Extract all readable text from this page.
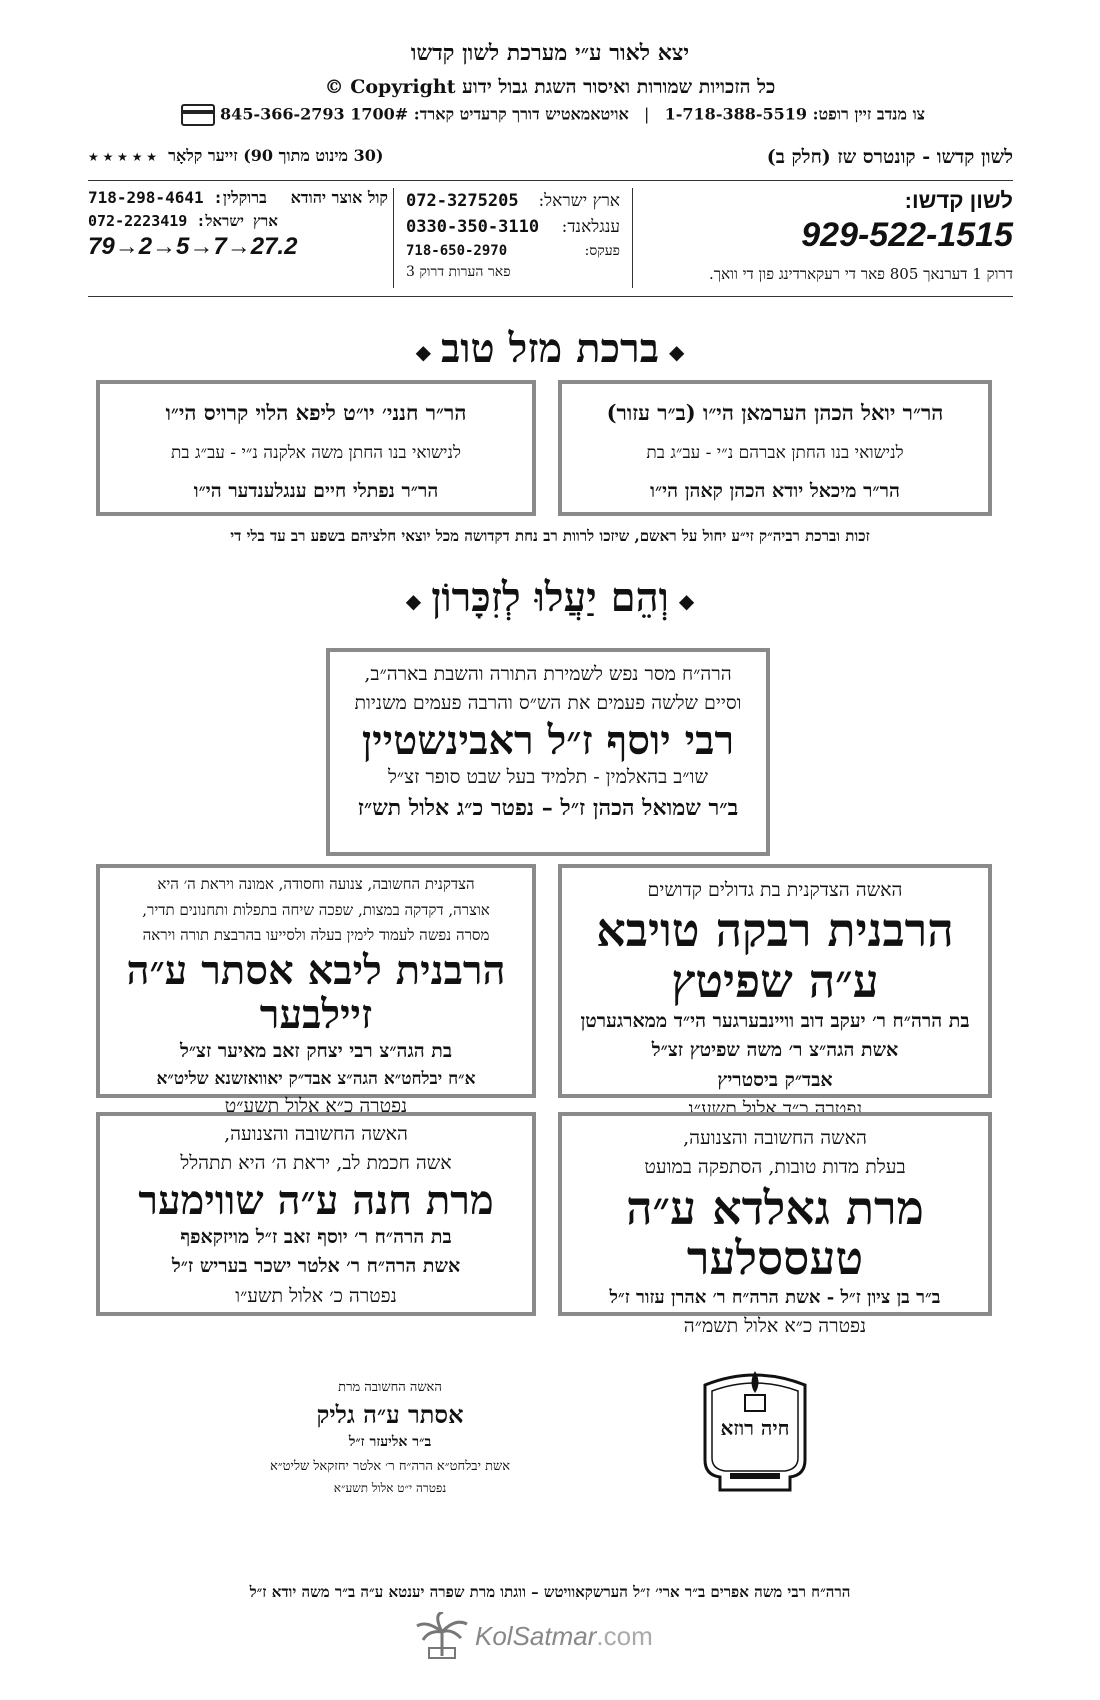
יצא לאור ע״י מערכת לשון קדשו
כל הזכויות שמורות ואיסור השגת גבול ידוע Copyright ©
צו מנדב זיין רופט: 1-718-388-5519   |   אויטאמאטיש דורך קרעדיט קארד: 1700# 845-366-2793
לשון קדשו - קונטרס שז (חלק ב)
(30 מינוט מתוך 90) זייער קלאָר ★ ★ ★ ★ ★
לשון קדשו:
929-522-1515
דרוק 1 דערנאך 805 פאר די רעקארדינג פון די וואך.
ארץ ישראל:
072-3275205
ענגלאנד:
0330-350-3110
פעקס:
718-650-2970
פאר הערות דרוק 3
קול אוצר יהודא
ברוקלין: 718-298-4641
ארץ ישראל: 072-2223419
79→2→5→7→27.2
◆ברכת מזל טוב◆

הר״ר יואל הכהן הערמאן הי״ו (ב״ר עזור)

לנישואי בנו החתן אברהם נ״י - עב״ג בת

הר״ר מיכאל יודא הכהן קאהן הי״ו

הר״ר חנני׳ יו״ט ליפא הלוי קרויס הי״ו

לנישואי בנו החתן משה אלקנה נ״י - עב״ג בת

הר״ר נפתלי חיים ענגלענדער הי״ו

זכות וברכת רביה״ק זי״ע יחול על ראשם, שיזכו לרוות רב נחת דקדושה מכל יוצאי חלציהם בשפע רב עד בלי די
◆וְהֵם יַעֲלוּ לְזִכָּרוֹן◆

הרה״ח מסר נפש לשמירת התורה והשבת בארה״ב,

וסיים שלשה פעמים את הש״ס והרבה פעמים משניות

רבי יוסף ז״ל ראבינשטיין

שו״ב בהאלמין - תלמיד בעל שבט סופר זצ״ל

ב״ר שמואל הכהן ז״ל – נפטר כ״ג אלול תש״ז

האשה הצדקנית בת גדולים קדושים

הרבנית רבקה טויבא ע״ה שפיטץ

בת הרה״ח ר׳ יעקב דוב וויינבערגער הי״ד ממארגערטן

אשת הגה״צ ר׳ משה שפיטץ זצ״ל

אבד״ק ביסטריץ

נפטרה כ״ד אלול תשע״ג

הצדקנית החשובה, צנועה וחסודה, אמונה ויראת ה׳ היא

אוצרה, דקדקה במצות, שפכה שיחה בתפלות ותחנונים תדיר,

מסרה נפשה לעמוד לימין בעלה ולסייעו בהרבצת תורה ויראה

הרבנית ליבא אסתר ע״ה זיילבער

בת הגה״צ רבי יצחק זאב מאיער זצ״ל

א״ח יבלחט״א הגה״צ אבד״ק יאוואזשנא שליט״א

נפטרה כ״א אלול תשע״ט

האשה החשובה והצנועה,

בעלת מדות טובות, הסתפקה במועט

מרת גאלדא ע״ה טעססלער

ב״ר בן ציון ז״ל - אשת הרה״ח ר׳ אהרן עזור ז״ל

נפטרה כ״א אלול תשמ״ה

האשה החשובה והצנועה,

אשה חכמת לב, יראת ה׳ היא תתהלל

מרת חנה ע״ה שווימער

בת הרה״ח ר׳ יוסף זאב ז״ל מויזקאפף

אשת הרה״ח ר׳ אלטר ישכר בעריש ז״ל

נפטרה כ׳ אלול תשע״ו

האשה החשובה מרת

אסתר ע״ה גליק

ב״ר אליעזר ז״ל

אשת יבלחט״א הרה״ח ר׳ אלטר יחזקאל שליט״א

נפטרה י״ט אלול תשע״א

חיה רוזא
הרה״ח רבי משה אפרים ב״ר ארי׳ ז״ל הערשקאוויטש – ווגתו מרת שפרה יענטא ע״ה ב״ר משה יודא ז״ל
KolSatmar .com
